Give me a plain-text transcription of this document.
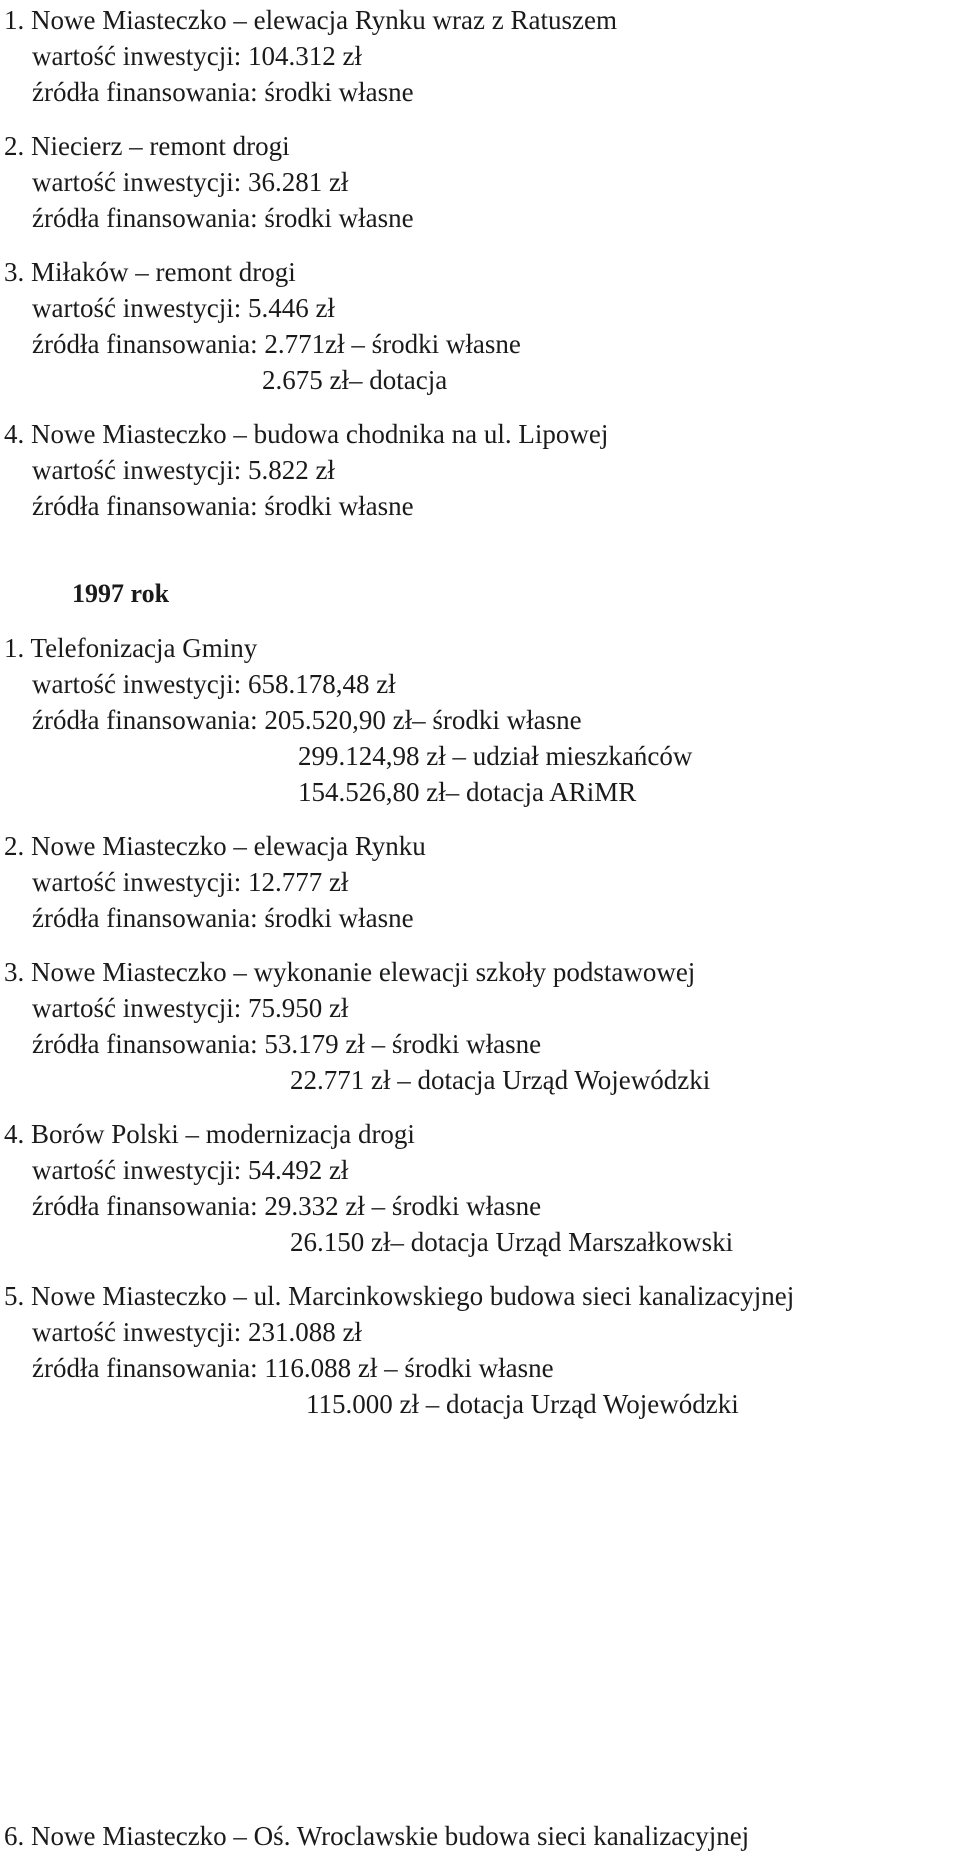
1. Nowe Miasteczko – elewacja Rynku wraz z Ratuszem
wartość inwestycji: 104.312 zł
źródła finansowania: środki własne
2. Niecierz – remont drogi
wartość inwestycji: 36.281 zł
źródła finansowania: środki własne
3. Miłaków – remont drogi
wartość inwestycji: 5.446 zł
źródła finansowania: 2.771zł – środki własne
2.675 zł– dotacja
4. Nowe Miasteczko – budowa chodnika na ul. Lipowej
wartość inwestycji: 5.822 zł
źródła finansowania: środki własne
1997 rok
1. Telefonizacja Gminy
wartość inwestycji: 658.178,48 zł
źródła finansowania: 205.520,90 zł– środki własne
299.124,98 zł – udział mieszkańców
154.526,80 zł– dotacja ARiMR
2. Nowe Miasteczko – elewacja Rynku
wartość inwestycji: 12.777 zł
źródła finansowania: środki własne
3. Nowe Miasteczko – wykonanie elewacji szkoły podstawowej
wartość inwestycji: 75.950 zł
źródła finansowania: 53.179 zł – środki własne
22.771 zł – dotacja Urząd Wojewódzki
4. Borów Polski – modernizacja drogi
wartość inwestycji: 54.492 zł
źródła finansowania: 29.332 zł – środki własne
26.150 zł– dotacja Urząd Marszałkowski
5. Nowe Miasteczko – ul. Marcinkowskiego budowa sieci kanalizacyjnej
wartość inwestycji: 231.088 zł
źródła finansowania: 116.088 zł – środki własne
115.000 zł – dotacja Urząd Wojewódzki
6. Nowe Miasteczko – Oś. Wroclawskie budowa sieci kanalizacyjnej
